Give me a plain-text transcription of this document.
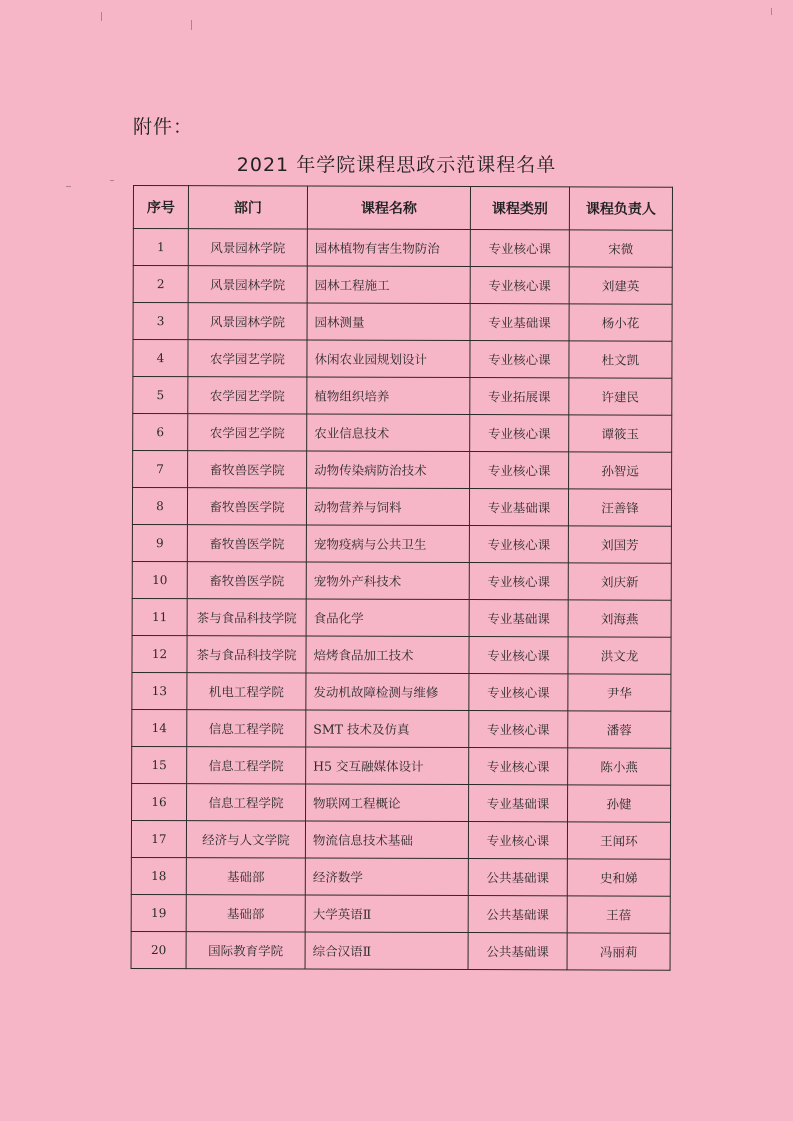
附件：
2021 年学院课程思政示范课程名单
序号	部门	课程名称	课程类别	课程负责人
1	风景园林学院	园林植物有害生物防治	专业核心课	宋微
2	风景园林学院	园林工程施工	专业核心课	刘建英
3	风景园林学院	园林测量	专业基础课	杨小花
4	农学园艺学院	休闲农业园规划设计	专业核心课	杜文凯
5	农学园艺学院	植物组织培养	专业拓展课	许建民
6	农学园艺学院	农业信息技术	专业核心课	谭筱玉
7	畜牧兽医学院	动物传染病防治技术	专业核心课	孙智远
8	畜牧兽医学院	动物营养与饲料	专业基础课	汪善锋
9	畜牧兽医学院	宠物疫病与公共卫生	专业核心课	刘国芳
10	畜牧兽医学院	宠物外产科技术	专业核心课	刘庆新
11	茶与食品科技学院	食品化学	专业基础课	刘海燕
12	茶与食品科技学院	焙烤食品加工技术	专业核心课	洪文龙
13	机电工程学院	发动机故障检测与维修	专业核心课	尹华
14	信息工程学院	SMT 技术及仿真	专业核心课	潘蓉
15	信息工程学院	H5 交互融媒体设计	专业核心课	陈小燕
16	信息工程学院	物联网工程概论	专业基础课	孙健
17	经济与人文学院	物流信息技术基础	专业核心课	王闻环
18	基础部	经济数学	公共基础课	史和娣
19	基础部	大学英语Ⅱ	公共基础课	王蓓
20	国际教育学院	综合汉语Ⅱ	公共基础课	冯丽莉
